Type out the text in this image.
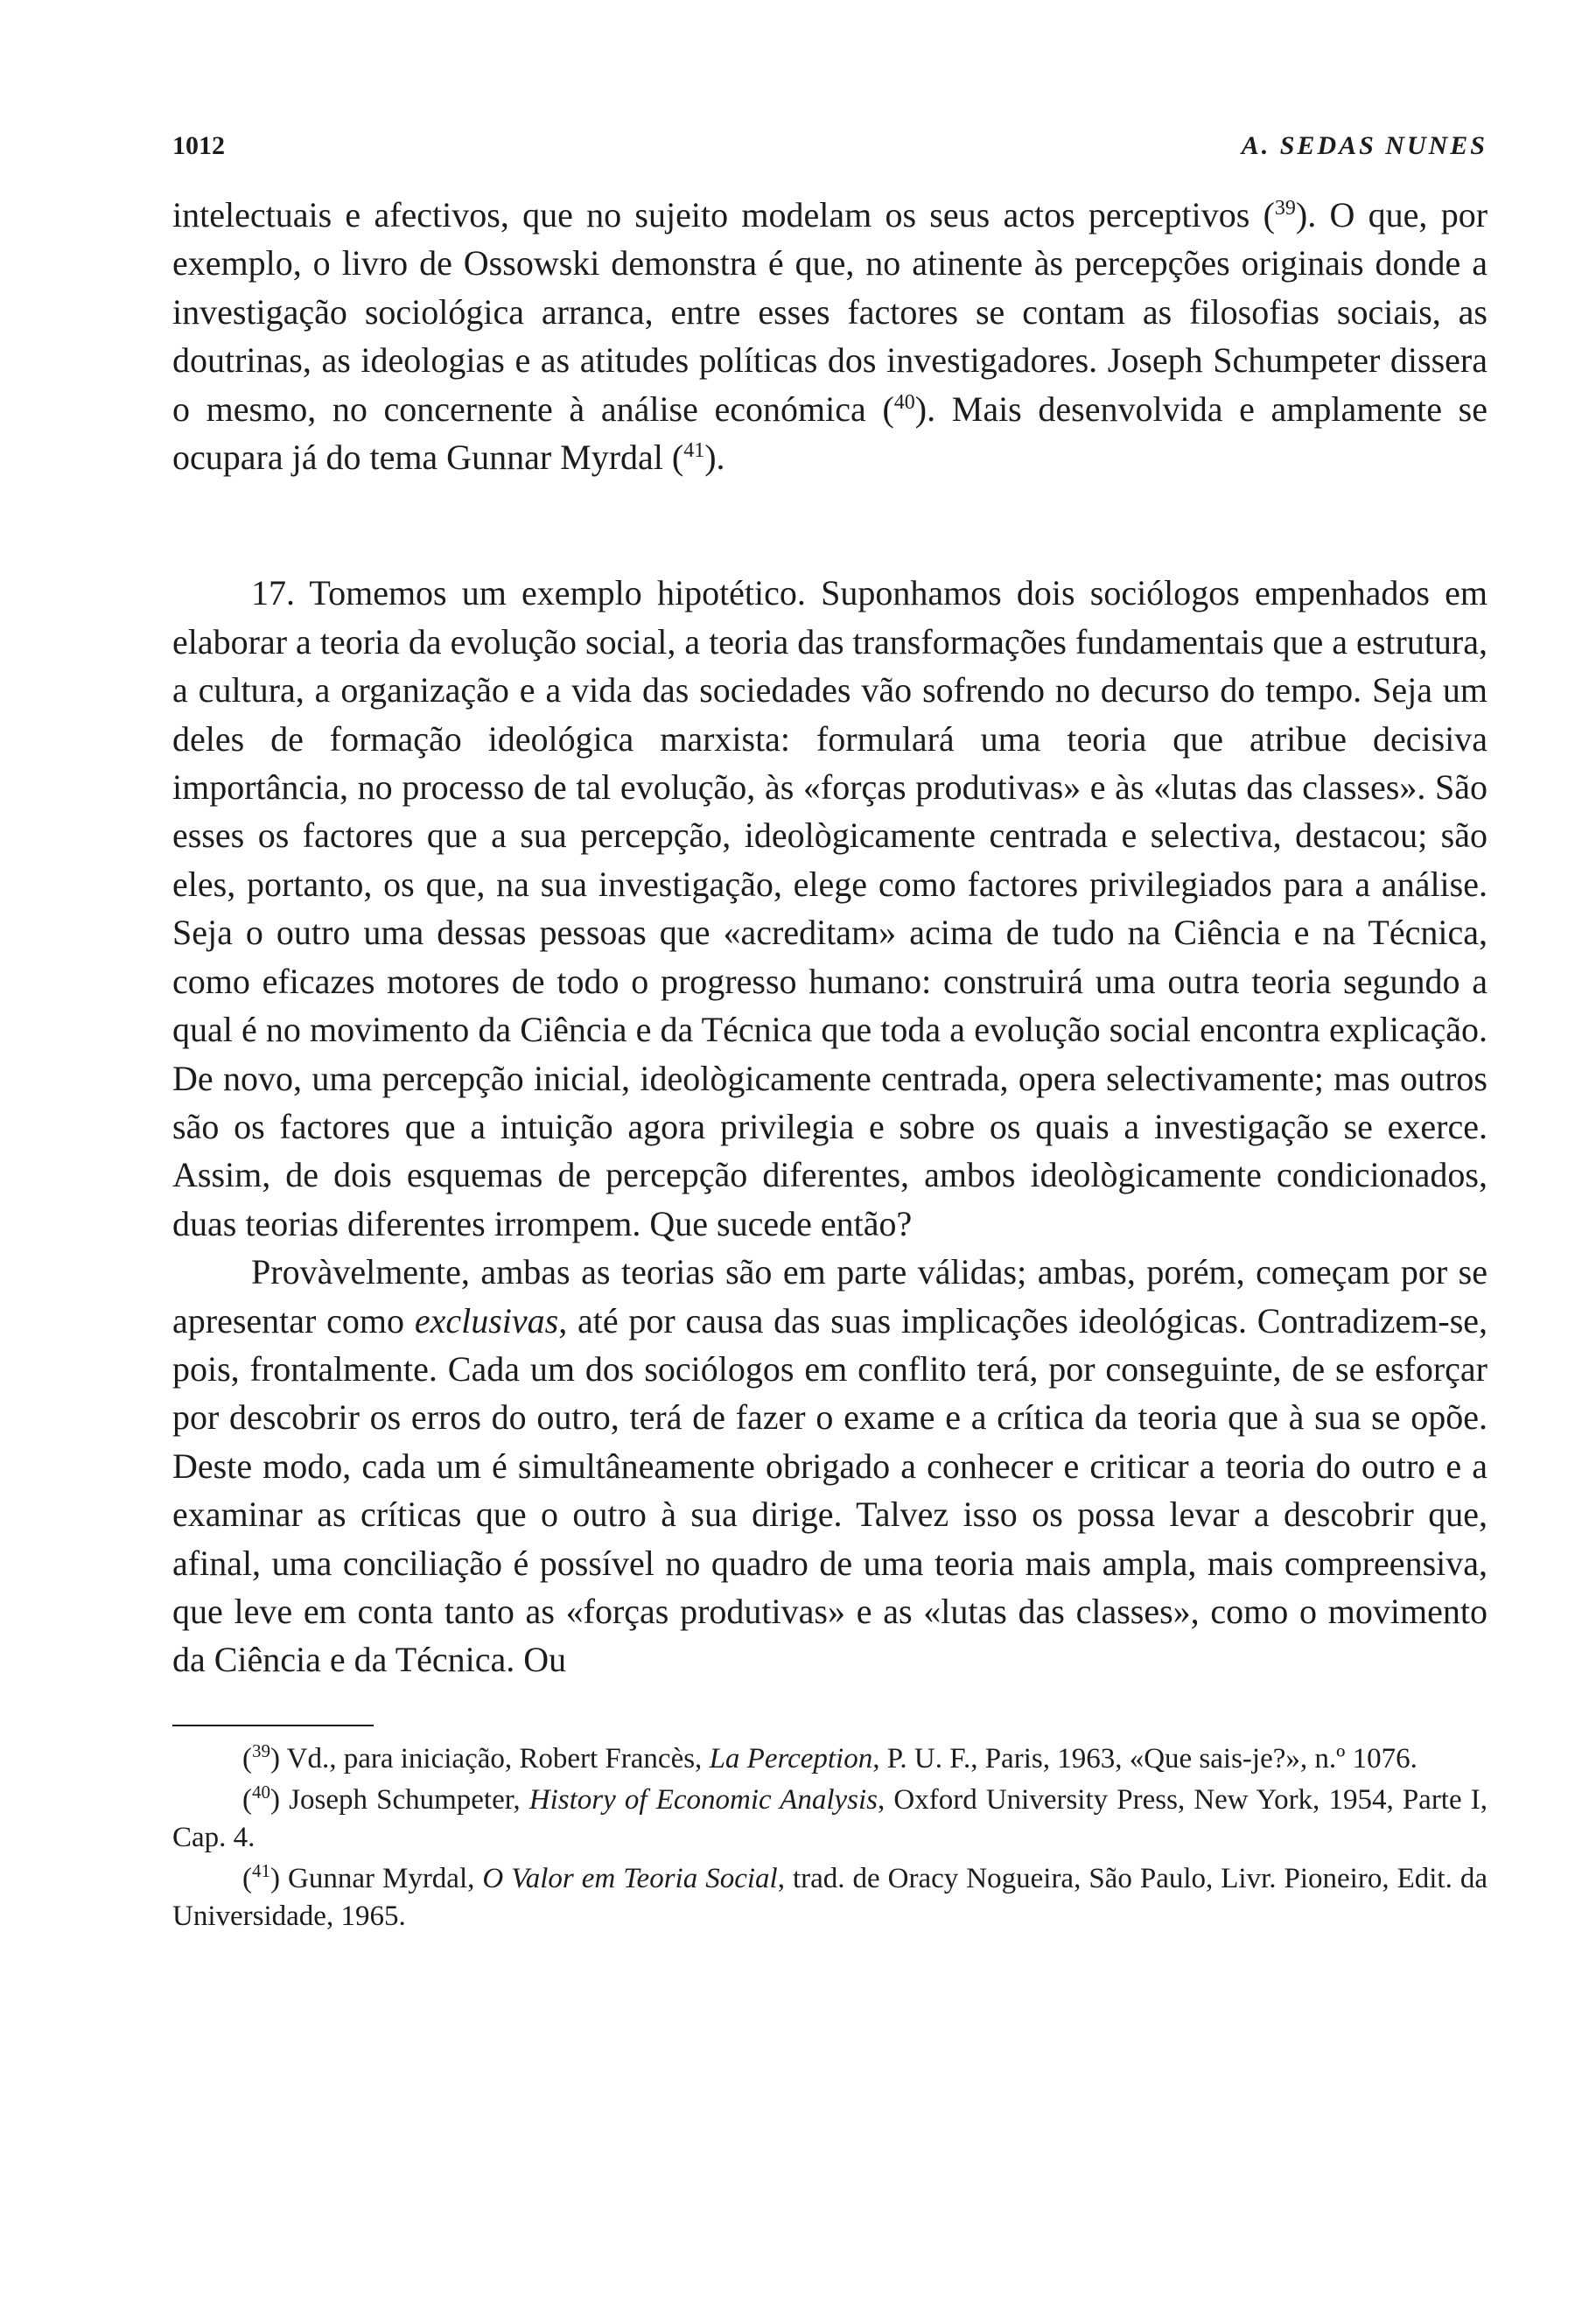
1012	A. SEDAS NUNES

intelectuais e afectivos, que no sujeito modelam os seus actos perceptivos ($^{39}$). O que, por exemplo, o livro de Ossowski demonstra é que, no atinente às percepções originais donde a investigação sociológica arranca, entre esses factores se contam as filosofias sociais, as doutrinas, as ideologias e as atitudes políticas dos investigadores. Joseph Schumpeter dissera o mesmo, no concernente à análise económica ($^{40}$). Mais desenvolvida e amplamente se ocupara já do tema Gunnar Myrdal ($^{41}$).

17. Tomemos um exemplo hipotético. Suponhamos dois sociólogos empenhados em elaborar a teoria da evolução social, a teoria das transformações fundamentais que a estrutura, a cultura, a organização e a vida das sociedades vão sofrendo no decurso do tempo. Seja um deles de formação ideológica marxista: formulará uma teoria que atribue decisiva importância, no processo de tal evolução, às «forças produtivas» e às «lutas das classes». São esses os factores que a sua percepção, ideològicamente centrada e selectiva, destacou; são eles, portanto, os que, na sua investigação, elege como factores privilegiados para a análise. Seja o outro uma dessas pessoas que «acreditam» acima de tudo na Ciência e na Técnica, como eficazes motores de todo o progresso humano: construirá uma outra teoria segundo a qual é no movimento da Ciência e da Técnica que toda a evolução social encontra explicação. De novo, uma percepção inicial, ideològicamente centrada, opera selectivamente; mas outros são os factores que a intuição agora privilegia e sobre os quais a investigação se exerce. Assim, de dois esquemas de percepção diferentes, ambos ideològicamente condicionados, duas teorias diferentes irrompem. Que sucede então?

Provàvelmente, ambas as teorias são em parte válidas; ambas, porém, começam por se apresentar como exclusivas, até por causa das suas implicações ideológicas. Contradizem-se, pois, frontalmente. Cada um dos sociólogos em conflito terá, por conseguinte, de se esforçar por descobrir os erros do outro, terá de fazer o exame e a crítica da teoria que à sua se opõe. Deste modo, cada um é simultâneamente obrigado a conhecer e criticar a teoria do outro e a examinar as críticas que o outro à sua dirige. Talvez isso os possa levar a descobrir que, afinal, uma conciliação é possível no quadro de uma teoria mais ampla, mais compreensiva, que leve em conta tanto as «forças produtivas» e as «lutas das classes», como o movimento da Ciência e da Técnica. Ou

($^{39}$) Vd., para iniciação, Robert Francès, La Perception, P. U. F., Paris, 1963, «Que sais-je?», n.º 1076.

($^{40}$) Joseph Schumpeter, History of Economic Analysis, Oxford University Press, New York, 1954, Parte I, Cap. 4.

($^{41}$) Gunnar Myrdal, O Valor em Teoria Social, trad. de Oracy Nogueira, São Paulo, Livr. Pioneiro, Edit. da Universidade, 1965.
